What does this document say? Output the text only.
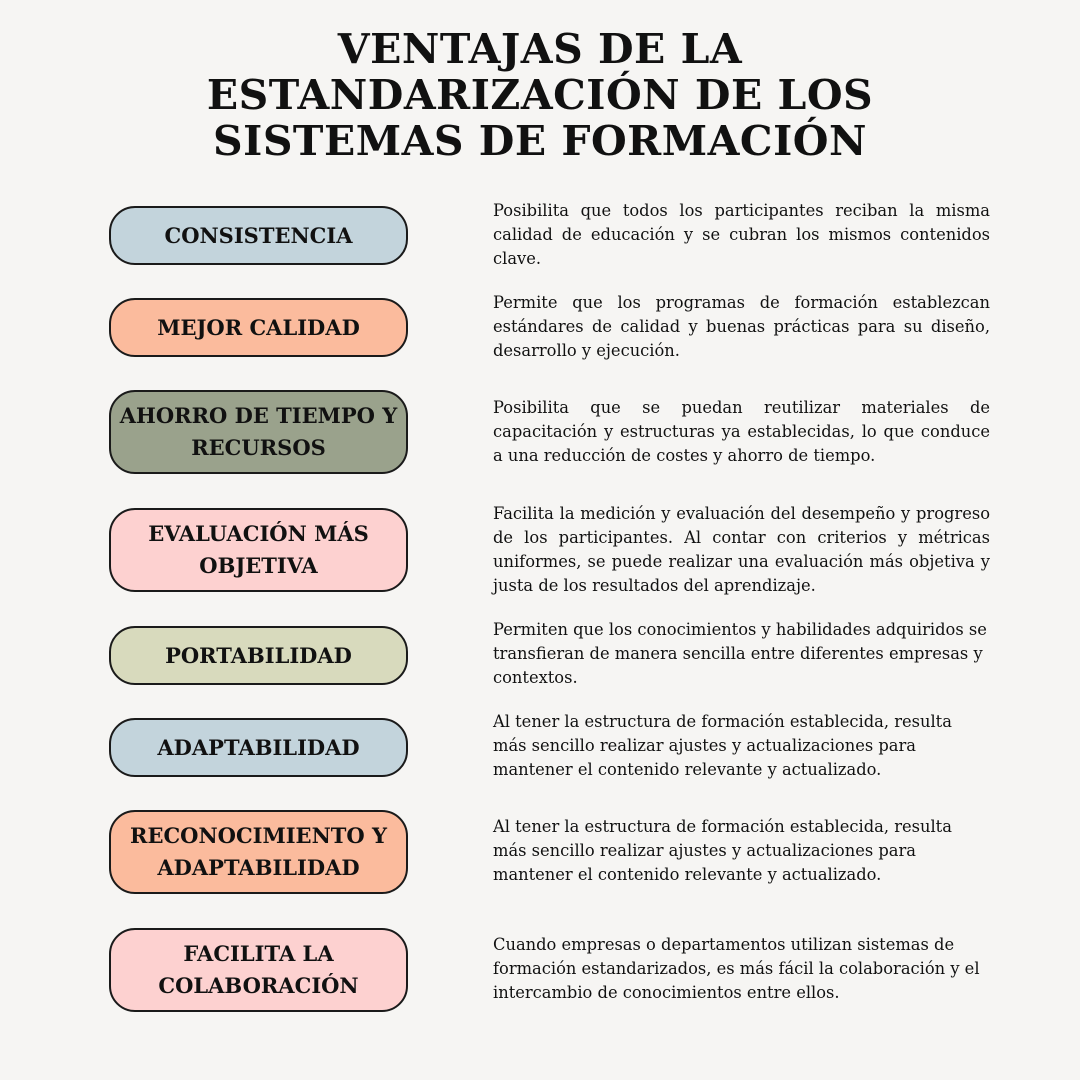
VENTAJAS DE LA
ESTANDARIZACIÓN DE LOS
SISTEMAS DE FORMACIÓN
CONSISTENCIA
Posibilita que todos los participantes reciban la misma calidad de educación y se cubran los mismos contenidos clave.
MEJOR CALIDAD
Permite que los programas de formación establezcan estándares de calidad y buenas prácticas para su diseño, desarrollo y ejecución.
AHORRO DE TIEMPO Y
RECURSOS
Posibilita que se puedan reutilizar materiales de capacitación y estructuras ya establecidas, lo que conduce a una reducción de costes y ahorro de tiempo.
EVALUACIÓN MÁS
OBJETIVA
Facilita la medición y evaluación del desempeño y progreso de los participantes. Al contar con criterios y métricas uniformes, se puede realizar una evaluación más objetiva y justa de los resultados del aprendizaje.
PORTABILIDAD
Permiten que los conocimientos y habilidades adquiridos se transfieran de manera sencilla entre diferentes empresas y contextos.
ADAPTABILIDAD
Al tener la estructura de formación establecida, resulta más sencillo realizar ajustes y actualizaciones para mantener el contenido relevante y actualizado.
RECONOCIMIENTO Y
ADAPTABILIDAD
Al tener la estructura de formación establecida, resulta más sencillo realizar ajustes y actualizaciones para mantener el contenido relevante y actualizado.
FACILITA LA
COLABORACIÓN
Cuando empresas o departamentos utilizan sistemas de formación estandarizados, es más fácil la colaboración y el intercambio de conocimientos entre ellos.
